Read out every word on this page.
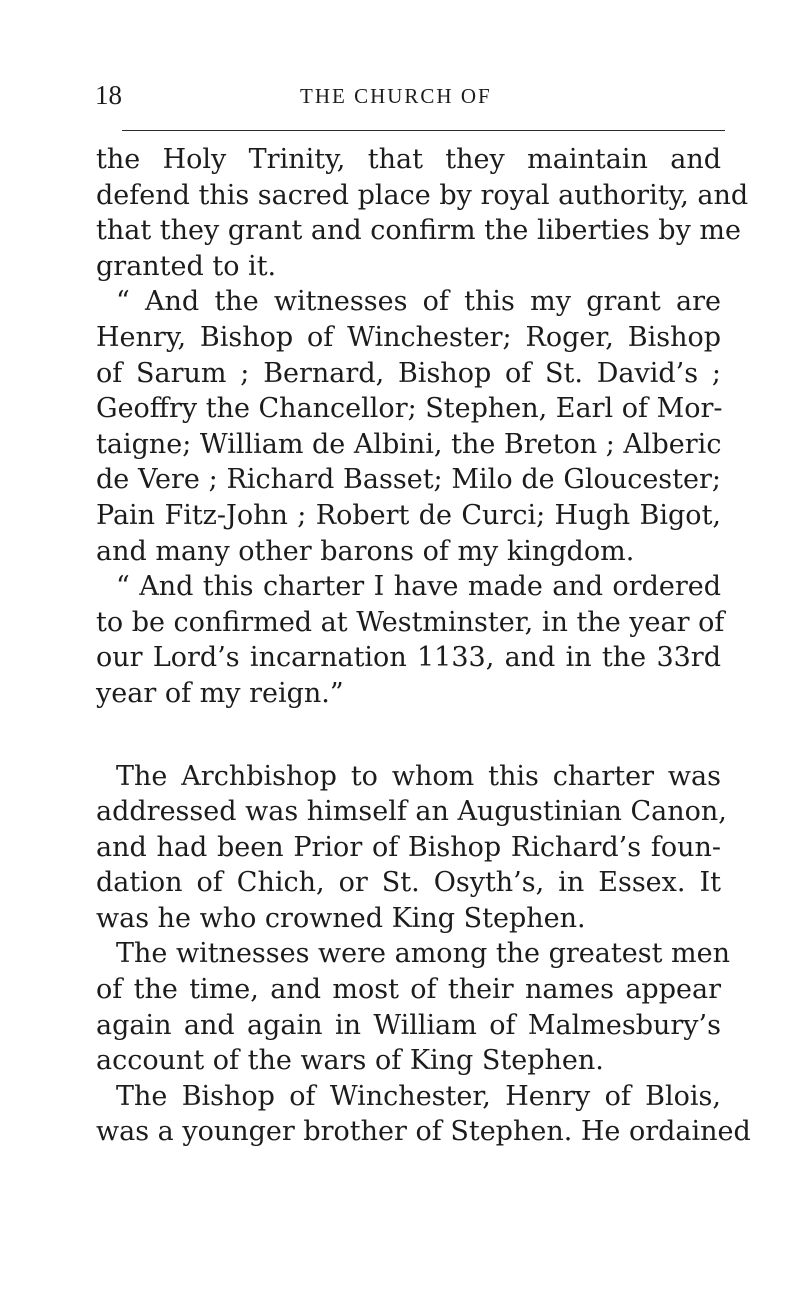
18	THE CHURCH OF
the Holy Trinity, that they maintain and
defend this sacred place by royal authority, and
that they grant and confirm the liberties by me
granted to it.
“ And the witnesses of this my grant are
Henry, Bishop of Winchester; Roger, Bishop
of Sarum ; Bernard, Bishop of St. David’s ;
Geoffry the Chancellor; Stephen, Earl of Mor-
taigne; William de Albini, the Breton ; Alberic
de Vere ; Richard Basset; Milo de Gloucester;
Pain Fitz-John ; Robert de Curci; Hugh Bigot,
and many other barons of my kingdom.
“ And this charter I have made and ordered
to be confirmed at Westminster, in the year of
our Lord’s incarnation 1133, and in the 33rd
year of my reign.”
The Archbishop to whom this charter was
addressed was himself an Augustinian Canon,
and had been Prior of Bishop Richard’s foun-
dation of Chich, or St. Osyth’s, in Essex. It
was he who crowned King Stephen.
The witnesses were among the greatest men
of the time, and most of their names appear
again and again in William of Malmesbury’s
account of the wars of King Stephen.
The Bishop of Winchester, Henry of Blois,
was a younger brother of Stephen. He ordained
